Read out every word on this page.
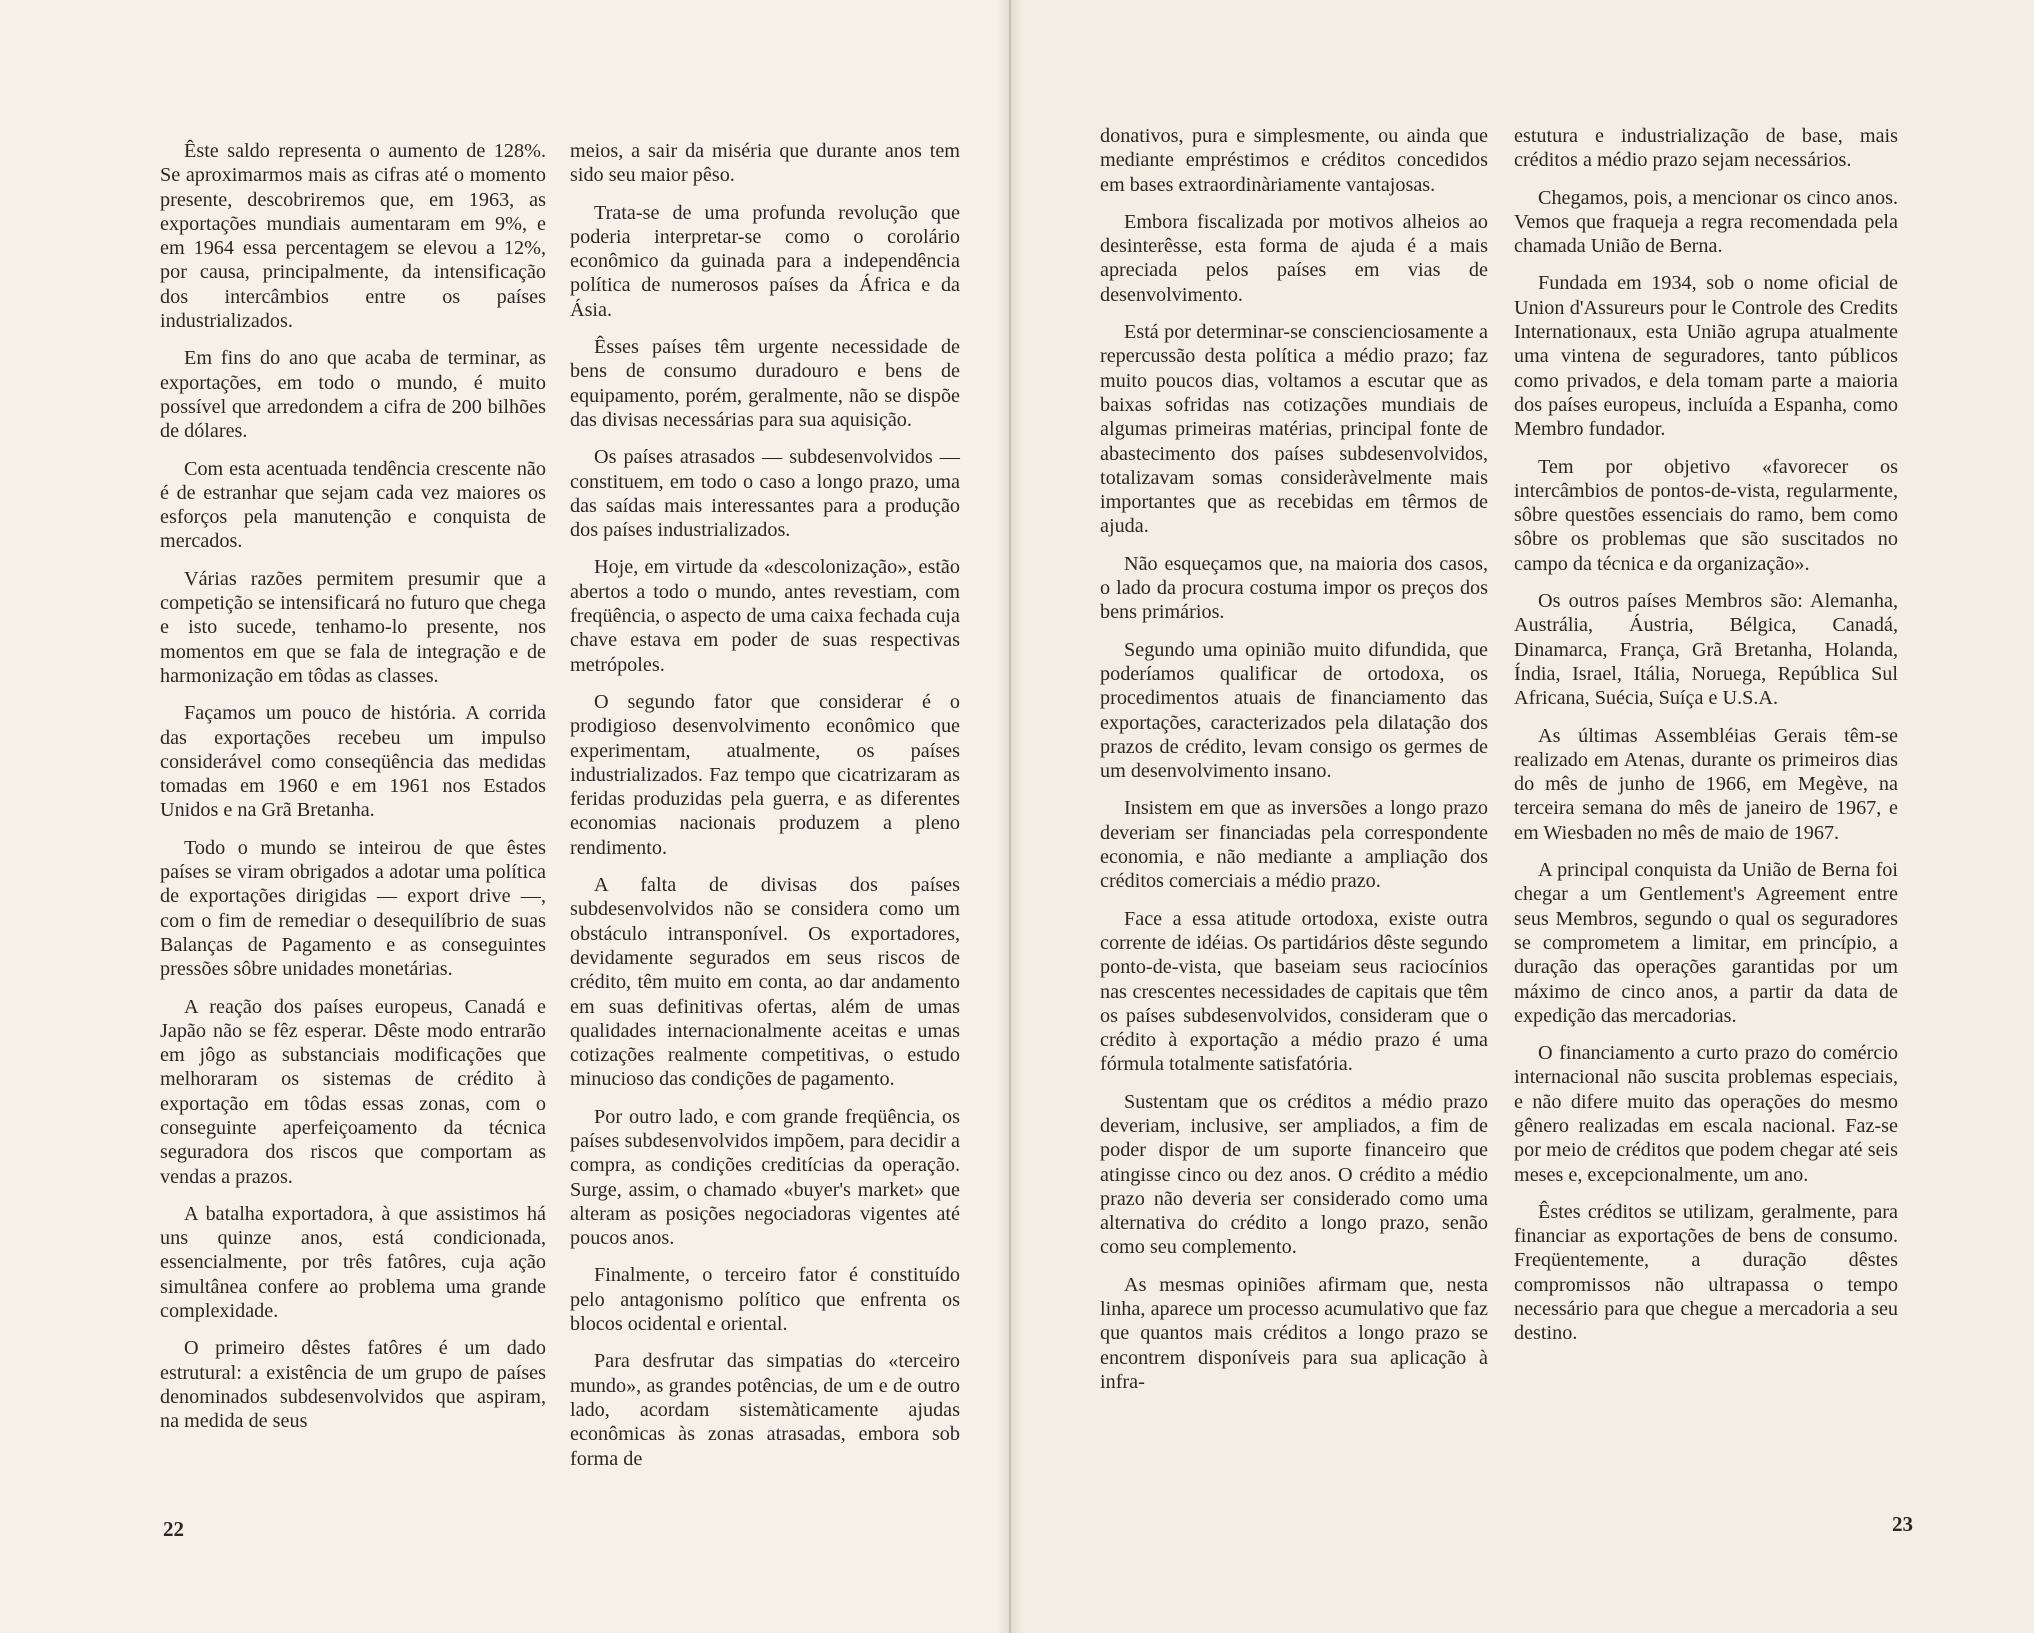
Êste saldo representa o aumento de 128%. Se aproximarmos mais as cifras até o momento presente, descobriremos que, em 1963, as exportações mundiais aumentaram em 9%, e em 1964 essa percentagem se elevou a 12%, por causa, principalmente, da intensificação dos intercâmbios entre os países industrializados.

Em fins do ano que acaba de terminar, as exportações, em todo o mundo, é muito possível que arredondem a cifra de 200 bilhões de dólares.

Com esta acentuada tendência crescente não é de estranhar que sejam cada vez maiores os esforços pela manutenção e conquista de mercados.

Várias razões permitem presumir que a competição se intensificará no futuro que chega e isto sucede, tenhamo-lo presente, nos momentos em que se fala de integração e de harmonização em tôdas as classes.

Façamos um pouco de história. A corrida das exportações recebeu um impulso considerável como conseqüência das medidas tomadas em 1960 e em 1961 nos Estados Unidos e na Grã Bretanha.

Todo o mundo se inteirou de que êstes países se viram obrigados a adotar uma política de exportações dirigidas — export drive —, com o fim de remediar o desequilíbrio de suas Balanças de Pagamento e as conseguintes pressões sôbre unidades monetárias.

A reação dos países europeus, Canadá e Japão não se fêz esperar. Dêste modo entrarão em jôgo as substanciais modificações que melhoraram os sistemas de crédito à exportação em tôdas essas zonas, com o conseguinte aperfeiçoamento da técnica seguradora dos riscos que comportam as vendas a prazos.

A batalha exportadora, à que assistimos há uns quinze anos, está condicionada, essencialmente, por três fatôres, cuja ação simultânea confere ao problema uma grande complexidade.

O primeiro dêstes fatôres é um dado estrutural: a existência de um grupo de países denominados subdesenvolvidos que aspiram, na medida de seus

meios, a sair da miséria que durante anos tem sido seu maior pêso.

Trata-se de uma profunda revolução que poderia interpretar-se como o corolário econômico da guinada para a independência política de numerosos países da África e da Ásia.

Êsses países têm urgente necessidade de bens de consumo duradouro e bens de equipamento, porém, geralmente, não se dispõe das divisas necessárias para sua aquisição.

Os países atrasados — subdesenvolvidos — constituem, em todo o caso a longo prazo, uma das saídas mais interessantes para a produção dos países industrializados.

Hoje, em virtude da «descolonização», estão abertos a todo o mundo, antes revestiam, com freqüência, o aspecto de uma caixa fechada cuja chave estava em poder de suas respectivas metrópoles.

O segundo fator que considerar é o prodigioso desenvolvimento econômico que experimentam, atualmente, os países industrializados. Faz tempo que cicatrizaram as feridas produzidas pela guerra, e as diferentes economias nacionais produzem a pleno rendimento.

A falta de divisas dos países subdesenvolvidos não se considera como um obstáculo intransponível. Os exportadores, devidamente segurados em seus riscos de crédito, têm muito em conta, ao dar andamento em suas definitivas ofertas, além de umas qualidades internacionalmente aceitas e umas cotizações realmente competitivas, o estudo minucioso das condições de pagamento.

Por outro lado, e com grande freqüência, os países subdesenvolvidos impõem, para decidir a compra, as condições creditícias da operação. Surge, assim, o chamado «buyer's market» que alteram as posições negociadoras vigentes até poucos anos.

Finalmente, o terceiro fator é constituído pelo antagonismo político que enfrenta os blocos ocidental e oriental.

Para desfrutar das simpatias do «terceiro mundo», as grandes potências, de um e de outro lado, acordam sistemàticamente ajudas econômicas às zonas atrasadas, embora sob forma de

22

donativos, pura e simplesmente, ou ainda que mediante empréstimos e créditos concedidos em bases extraordinàriamente vantajosas.

Embora fiscalizada por motivos alheios ao desinterêsse, esta forma de ajuda é a mais apreciada pelos países em vias de desenvolvimento.

Está por determinar-se conscienciosamente a repercussão desta política a médio prazo; faz muito poucos dias, voltamos a escutar que as baixas sofridas nas cotizações mundiais de algumas primeiras matérias, principal fonte de abastecimento dos países subdesenvolvidos, totalizavam somas consideràvelmente mais importantes que as recebidas em têrmos de ajuda.

Não esqueçamos que, na maioria dos casos, o lado da procura costuma impor os preços dos bens primários.

Segundo uma opinião muito difundida, que poderíamos qualificar de ortodoxa, os procedimentos atuais de financiamento das exportações, caracterizados pela dilatação dos prazos de crédito, levam consigo os germes de um desenvolvimento insano.

Insistem em que as inversões a longo prazo deveriam ser financiadas pela correspondente economia, e não mediante a ampliação dos créditos comerciais a médio prazo.

Face a essa atitude ortodoxa, existe outra corrente de idéias. Os partidários dêste segundo ponto-de-vista, que baseiam seus raciocínios nas crescentes necessidades de capitais que têm os países subdesenvolvidos, consideram que o crédito à exportação a médio prazo é uma fórmula totalmente satisfatória.

Sustentam que os créditos a médio prazo deveriam, inclusive, ser ampliados, a fim de poder dispor de um suporte financeiro que atingisse cinco ou dez anos. O crédito a médio prazo não deveria ser considerado como uma alternativa do crédito a longo prazo, senão como seu complemento.

As mesmas opiniões afirmam que, nesta linha, aparece um processo acumulativo que faz que quantos mais créditos a longo prazo se encontrem disponíveis para sua aplicação à infra-

estutura e industrialização de base, mais créditos a médio prazo sejam necessários.

Chegamos, pois, a mencionar os cinco anos. Vemos que fraqueja a regra recomendada pela chamada União de Berna.

Fundada em 1934, sob o nome oficial de Union d'Assureurs pour le Controle des Credits Internationaux, esta União agrupa atualmente uma vintena de seguradores, tanto públicos como privados, e dela tomam parte a maioria dos países europeus, incluída a Espanha, como Membro fundador.

Tem por objetivo «favorecer os intercâmbios de pontos-de-vista, regularmente, sôbre questões essenciais do ramo, bem como sôbre os problemas que são suscitados no campo da técnica e da organização».

Os outros países Membros são: Alemanha, Austrália, Áustria, Bélgica, Canadá, Dinamarca, França, Grã Bretanha, Holanda, Índia, Israel, Itália, Noruega, República Sul Africana, Suécia, Suíça e U.S.A.

As últimas Assembléias Gerais têm-se realizado em Atenas, durante os primeiros dias do mês de junho de 1966, em Megève, na terceira semana do mês de janeiro de 1967, e em Wiesbaden no mês de maio de 1967.

A principal conquista da União de Berna foi chegar a um Gentlement's Agreement entre seus Membros, segundo o qual os seguradores se comprometem a limitar, em princípio, a duração das operações garantidas por um máximo de cinco anos, a partir da data de expedição das mercadorias.

O financiamento a curto prazo do comércio internacional não suscita problemas especiais, e não difere muito das operações do mesmo gênero realizadas em escala nacional. Faz-se por meio de créditos que podem chegar até seis meses e, excepcionalmente, um ano.

Êstes créditos se utilizam, geralmente, para financiar as exportações de bens de consumo. Freqüentemente, a duração dêstes compromissos não ultrapassa o tempo necessário para que chegue a mercadoria a seu destino.

23
